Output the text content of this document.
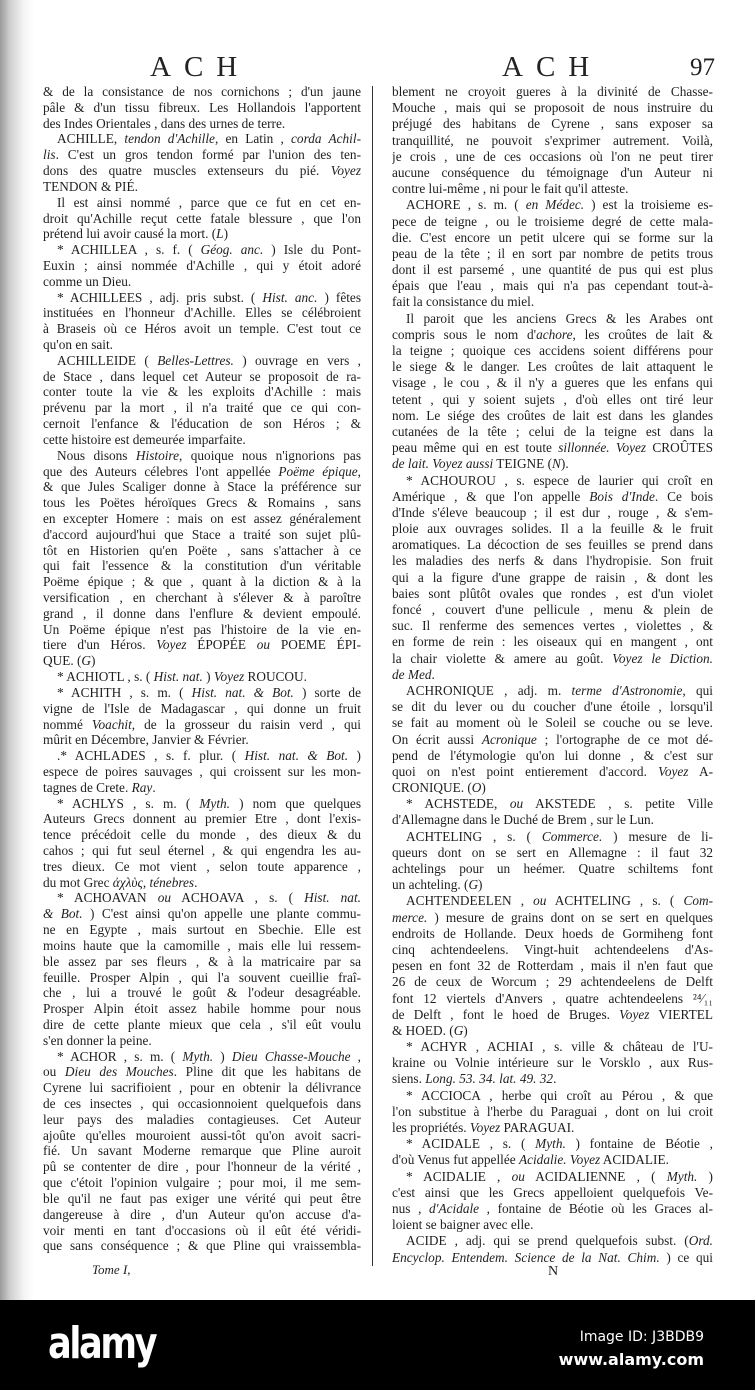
ACH	ACH	97
& de la consistance de nos cornichons ; d'un jaune
pâle & d'un tissu fibreux. Les Hollandois l'apportent
des Indes Orientales , dans des urnes de terre.
ACHILLE, tendon d'Achille, en Latin , corda Achil-
lis. C'est un gros tendon formé par l'union des ten-
dons des quatre muscles extenseurs du pié. Voyez
TENDON & PIÉ.
Il est ainsi nommé , parce que ce fut en cet en-
droit qu'Achille reçut cette fatale blessure , que l'on
prétend lui avoir causé la mort. (L)
* ACHILLEA , s. f. ( Géog. anc. ) Isle du Pont-
Euxin ; ainsi nommée d'Achille , qui y étoit adoré
comme un Dieu.
* ACHILLEES , adj. pris subst. ( Hist. anc. ) fêtes
instituées en l'honneur d'Achille. Elles se célébroient
à Braseis où ce Héros avoit un temple. C'est tout ce
qu'on en sait.
ACHILLEIDE ( Belles-Lettres. ) ouvrage en vers ,
de Stace , dans lequel cet Auteur se proposoit de ra-
conter toute la vie & les exploits d'Achille : mais
prévenu par la mort , il n'a traité que ce qui con-
cernoit l'enfance & l'éducation de son Héros ; &
cette histoire est demeurée imparfaite.
Nous disons Histoire, quoique nous n'ignorions pas
que des Auteurs célebres l'ont appellée Poëme épique,
& que Jules Scaliger donne à Stace la préférence sur
tous les Poëtes héroïques Grecs & Romains , sans
en excepter Homere : mais on est assez généralement
d'accord aujourd'hui que Stace a traité son sujet plû-
tôt en Historien qu'en Poëte , sans s'attacher à ce
qui fait l'essence & la constitution d'un véritable
Poëme épique ; & que , quant à la diction & à la
versification , en cherchant à s'élever & à paroître
grand , il donne dans l'enflure & devient empoulé.
Un Poëme épique n'est pas l'histoire de la vie en-
tiere d'un Héros. Voyez ÉPOPÉE ou POEME ÉPI-
QUE. (G)
* ACHIOTL , s. ( Hist. nat. ) Voyez ROUCOU.
* ACHITH , s. m. ( Hist. nat. & Bot. ) sorte de
vigne de l'Isle de Madagascar , qui donne un fruit
nommé Voachit, de la grosseur du raisin verd , qui
mûrit en Décembre, Janvier & Février.
.* ACHLADES , s. f. plur. ( Hist. nat. & Bot. )
espece de poires sauvages , qui croissent sur les mon-
tagnes de Crete. Ray.
* ACHLYS , s. m. ( Myth. ) nom que quelques
Auteurs Grecs donnent au premier Etre , dont l'exis-
tence précédoit celle du monde , des dieux & du
cahos ; qui fut seul éternel , & qui engendra les au-
tres dieux. Ce mot vient , selon toute apparence ,
du mot Grec ἀχλὺς, ténebres.
* ACHOAVAN ou ACHOAVA , s. ( Hist. nat.
& Bot. ) C'est ainsi qu'on appelle une plante commu-
ne en Egypte , mais surtout en Sbechie. Elle est
moins haute que la camomille , mais elle lui ressem-
ble assez par ses fleurs , & à la matricaire par sa
feuille. Prosper Alpin , qui l'a souvent cueillie fraî-
che , lui a trouvé le goût & l'odeur desagréable.
Prosper Alpin étoit assez habile homme pour nous
dire de cette plante mieux que cela , s'il eût voulu
s'en donner la peine.
* ACHOR , s. m. ( Myth. ) Dieu Chasse-Mouche ,
ou Dieu des Mouches. Pline dit que les habitans de
Cyrene lui sacrifioient , pour en obtenir la délivrance
de ces insectes , qui occasionnoient quelquefois dans
leur pays des maladies contagieuses. Cet Auteur
ajoûte qu'elles mouroient aussi-tôt qu'on avoit sacri-
fié. Un savant Moderne remarque que Pline auroit
pû se contenter de dire , pour l'honneur de la vérité ,
que c'étoit l'opinion vulgaire ; pour moi, il me sem-
ble qu'il ne faut pas exiger une vérité qui peut être
dangereuse à dire , d'un Auteur qu'on accuse d'a-
voir menti en tant d'occasions où il eût été véridi-
que sans conséquence ; & que Pline qui vraissembla-
blement ne croyoit gueres à la divinité de Chasse-
Mouche , mais qui se proposoit de nous instruire du
préjugé des habitans de Cyrene , sans exposer sa
tranquillité, ne pouvoit s'exprimer autrement. Voilà,
je crois , une de ces occasions où l'on ne peut tirer
aucune conséquence du témoignage d'un Auteur ni
contre lui-même , ni pour le fait qu'il atteste.
ACHORE , s. m. ( en Médec. ) est la troisieme es-
pece de teigne , ou le troisieme degré de cette mala-
die. C'est encore un petit ulcere qui se forme sur la
peau de la tête ; il en sort par nombre de petits trous
dont il est parsemé , une quantité de pus qui est plus
épais que l'eau , mais qui n'a pas cependant tout-à-
fait la consistance du miel.
Il paroit que les anciens Grecs & les Arabes ont
compris sous le nom d'achore, les croûtes de lait &
la teigne ; quoique ces accidens soient différens pour
le siege & le danger. Les croûtes de lait attaquent le
visage , le cou , & il n'y a gueres que les enfans qui
tetent , qui y soient sujets , d'où elles ont tiré leur
nom. Le siége des croûtes de lait est dans les glandes
cutanées de la tête ; celui de la teigne est dans la
peau même qui en est toute sillonnée. Voyez CROÛTES
de lait. Voyez aussi TEIGNE (N).
* ACHOUROU , s. espece de laurier qui croît en
Amérique , & que l'on appelle Bois d'Inde. Ce bois
d'Inde s'éleve beaucoup ; il est dur , rouge , & s'em-
ploie aux ouvrages solides. Il a la feuille & le fruit
aromatiques. La décoction de ses feuilles se prend dans
les maladies des nerfs & dans l'hydropisie. Son fruit
qui a la figure d'une grappe de raisin , & dont les
baies sont plûtôt ovales que rondes , est d'un violet
foncé , couvert d'une pellicule , menu & plein de
suc. Il renferme des semences vertes , violettes , &
en forme de rein : les oiseaux qui en mangent , ont
la chair violette & amere au goût. Voyez le Diction.
de Med.
ACHRONIQUE , adj. m. terme d'Astronomie, qui
se dit du lever ou du coucher d'une étoile , lorsqu'il
se fait au moment où le Soleil se couche ou se leve.
On écrit aussi Acronique ; l'ortographe de ce mot dé-
pend de l'étymologie qu'on lui donne , & c'est sur
quoi on n'est point entierement d'accord. Voyez A-
CRONIQUE. (O)
* ACHSTEDE, ou AKSTEDE , s. petite Ville
d'Allemagne dans le Duché de Brem , sur le Lun.
ACHTELING , s. ( Commerce. ) mesure de li-
queurs dont on se sert en Allemagne : il faut 32
achtelings pour un heémer. Quatre schiltems font
un achteling. (G)
ACHTENDEELEN , ou ACHTELING , s. ( Com-
merce. ) mesure de grains dont on se sert en quelques
endroits de Hollande. Deux hoeds de Gormiheng font
cinq achtendeelens. Vingt-huit achtendeelens d'As-
pesen en font 32 de Rotterdam , mais il n'en faut que
26 de ceux de Worcum ; 29 achtendeelens de Delft
font 12 viertels d'Anvers , quatre achtendeelens ²⁴⁄₁₁
de Delft , font le hoed de Bruges. Voyez VIERTEL
& HOED. (G)
* ACHYR , ACHIAI , s. ville & château de l'U-
kraine ou Volnie intérieure sur le Vorsklo , aux Rus-
siens. Long. 53. 34. lat. 49. 32.
* ACCIOCA , herbe qui croît au Pérou , & que
l'on substitue à l'herbe du Paraguai , dont on lui croit
les propriétés. Voyez PARAGUAI.
* ACIDALE , s. ( Myth. ) fontaine de Béotie ,
d'où Venus fut appellée Acidalie. Voyez ACIDALIE.
* ACIDALIE , ou ACIDALIENNE , ( Myth. )
c'est ainsi que les Grecs appelloient quelquefois Ve-
nus , d'Acidale , fontaine de Béotie où les Graces al-
loient se baigner avec elle.
ACIDE , adj. qui se prend quelquefois subst. (Ord.
Encyclop. Entendem. Science de la Nat. Chim. ) ce qui
Tome I,	N
alamy	Image ID: J3BDB9
www.alamy.com
